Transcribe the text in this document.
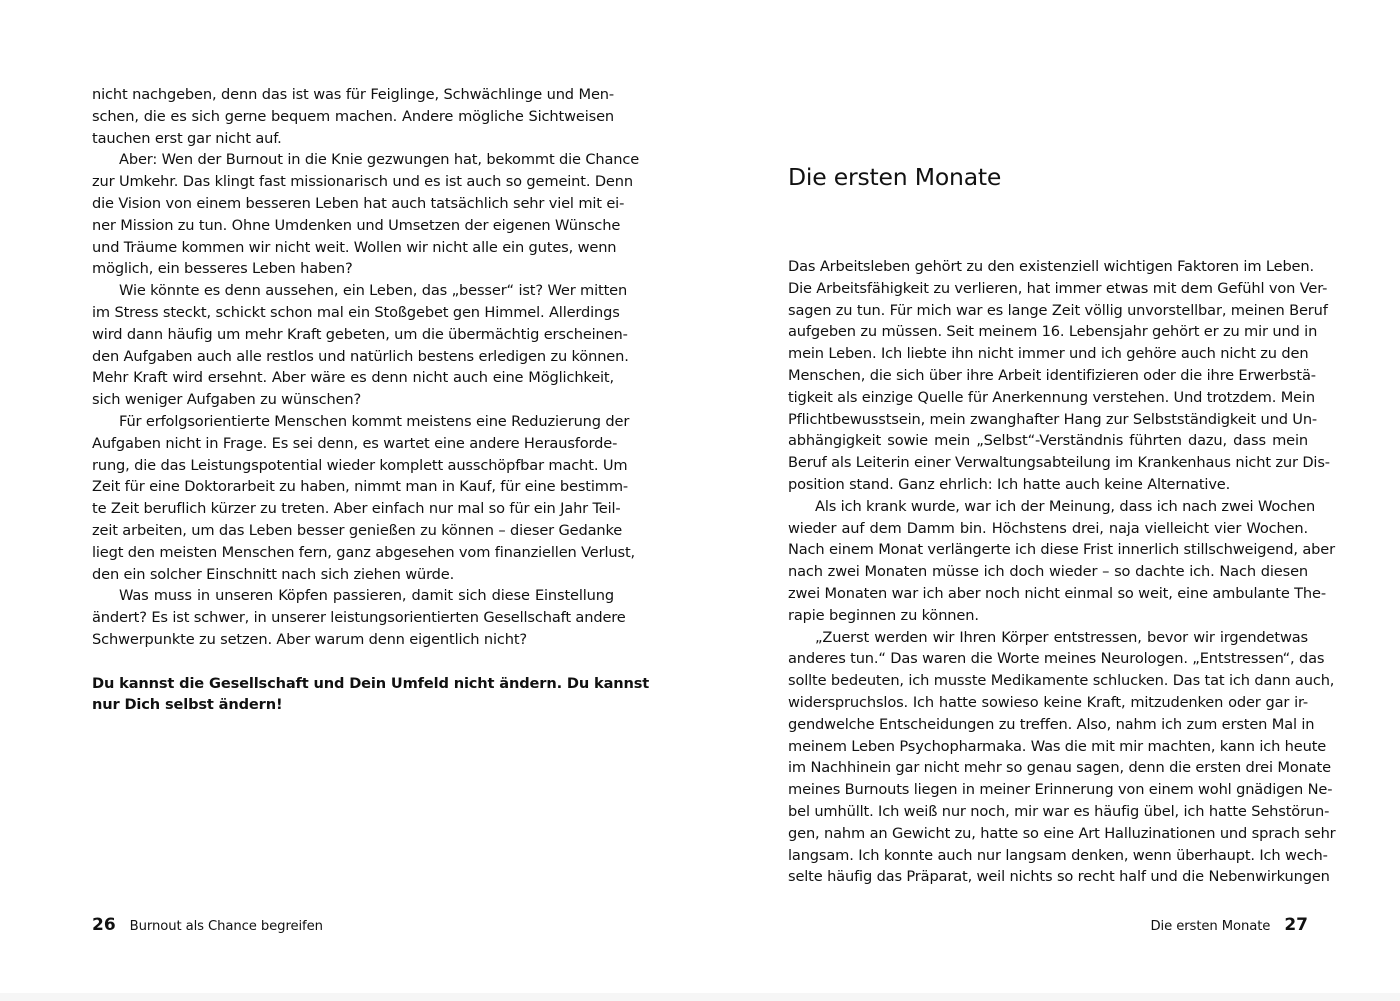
nicht nachgeben, denn das ist was für Feiglinge, Schwächlinge und Men-
schen, die es sich gerne bequem machen. Andere mögliche Sichtweisen
tauchen erst gar nicht auf.
Aber: Wen der Burnout in die Knie gezwungen hat, bekommt die Chance
zur Umkehr. Das klingt fast missionarisch und es ist auch so gemeint. Denn
die Vision von einem besseren Leben hat auch tatsächlich sehr viel mit ei-
ner Mission zu tun. Ohne Umdenken und Umsetzen der eigenen Wünsche
und Träume kommen wir nicht weit. Wollen wir nicht alle ein gutes, wenn
möglich, ein besseres Leben haben?
Wie könnte es denn aussehen, ein Leben, das „besser“ ist? Wer mitten
im Stress steckt, schickt schon mal ein Stoßgebet gen Himmel. Allerdings
wird dann häufig um mehr Kraft gebeten, um die übermächtig erscheinen-
den Aufgaben auch alle restlos und natürlich bestens erledigen zu können.
Mehr Kraft wird ersehnt. Aber wäre es denn nicht auch eine Möglichkeit,
sich weniger Aufgaben zu wünschen?
Für erfolgsorientierte Menschen kommt meistens eine Reduzierung der
Aufgaben nicht in Frage. Es sei denn, es wartet eine andere Herausforde-
rung, die das Leistungspotential wieder komplett ausschöpfbar macht. Um
Zeit für eine Doktorarbeit zu haben, nimmt man in Kauf, für eine bestimm-
te Zeit beruflich kürzer zu treten. Aber einfach nur mal so für ein Jahr Teil-
zeit arbeiten, um das Leben besser genießen zu können – dieser Gedanke
liegt den meisten Menschen fern, ganz abgesehen vom finanziellen Verlust,
den ein solcher Einschnitt nach sich ziehen würde.
Was muss in unseren Köpfen passieren, damit sich diese Einstellung
ändert? Es ist schwer, in unserer leistungsorientierten Gesellschaft andere
Schwerpunkte zu setzen. Aber warum denn eigentlich nicht?
Du kannst die Gesellschaft und Dein Umfeld nicht ändern. Du kannst
nur Dich selbst ändern!
26 Burnout als Chance begreifen
Die ersten Monate
Das Arbeitsleben gehört zu den existenziell wichtigen Faktoren im Leben.
Die Arbeitsfähigkeit zu verlieren, hat immer etwas mit dem Gefühl von Ver-
sagen zu tun. Für mich war es lange Zeit völlig unvorstellbar, meinen Beruf
aufgeben zu müssen. Seit meinem 16. Lebensjahr gehört er zu mir und in
mein Leben. Ich liebte ihn nicht immer und ich gehöre auch nicht zu den
Menschen, die sich über ihre Arbeit identifizieren oder die ihre Erwerbstä-
tigkeit als einzige Quelle für Anerkennung verstehen. Und trotzdem. Mein
Pflichtbewusstsein, mein zwanghafter Hang zur Selbstständigkeit und Un-
abhängigkeit sowie mein „Selbst“-Verständnis führten dazu, dass mein
Beruf als Leiterin einer Verwaltungsabteilung im Krankenhaus nicht zur Dis-
position stand. Ganz ehrlich: Ich hatte auch keine Alternative.
Als ich krank wurde, war ich der Meinung, dass ich nach zwei Wochen
wieder auf dem Damm bin. Höchstens drei, naja vielleicht vier Wochen.
Nach einem Monat verlängerte ich diese Frist innerlich stillschweigend, aber
nach zwei Monaten müsse ich doch wieder – so dachte ich. Nach diesen
zwei Monaten war ich aber noch nicht einmal so weit, eine ambulante The-
rapie beginnen zu können.
„Zuerst werden wir Ihren Körper entstressen, bevor wir irgendetwas
anderes tun.“ Das waren die Worte meines Neurologen. „Entstressen“, das
sollte bedeuten, ich musste Medikamente schlucken. Das tat ich dann auch,
widerspruchslos. Ich hatte sowieso keine Kraft, mitzudenken oder gar ir-
gendwelche Entscheidungen zu treffen. Also, nahm ich zum ersten Mal in
meinem Leben Psychopharmaka. Was die mit mir machten, kann ich heute
im Nachhinein gar nicht mehr so genau sagen, denn die ersten drei Monate
meines Burnouts liegen in meiner Erinnerung von einem wohl gnädigen Ne-
bel umhüllt. Ich weiß nur noch, mir war es häufig übel, ich hatte Sehstörun-
gen, nahm an Gewicht zu, hatte so eine Art Halluzinationen und sprach sehr
langsam. Ich konnte auch nur langsam denken, wenn überhaupt. Ich wech-
selte häufig das Präparat, weil nichts so recht half und die Nebenwirkungen
Die ersten Monate 27
